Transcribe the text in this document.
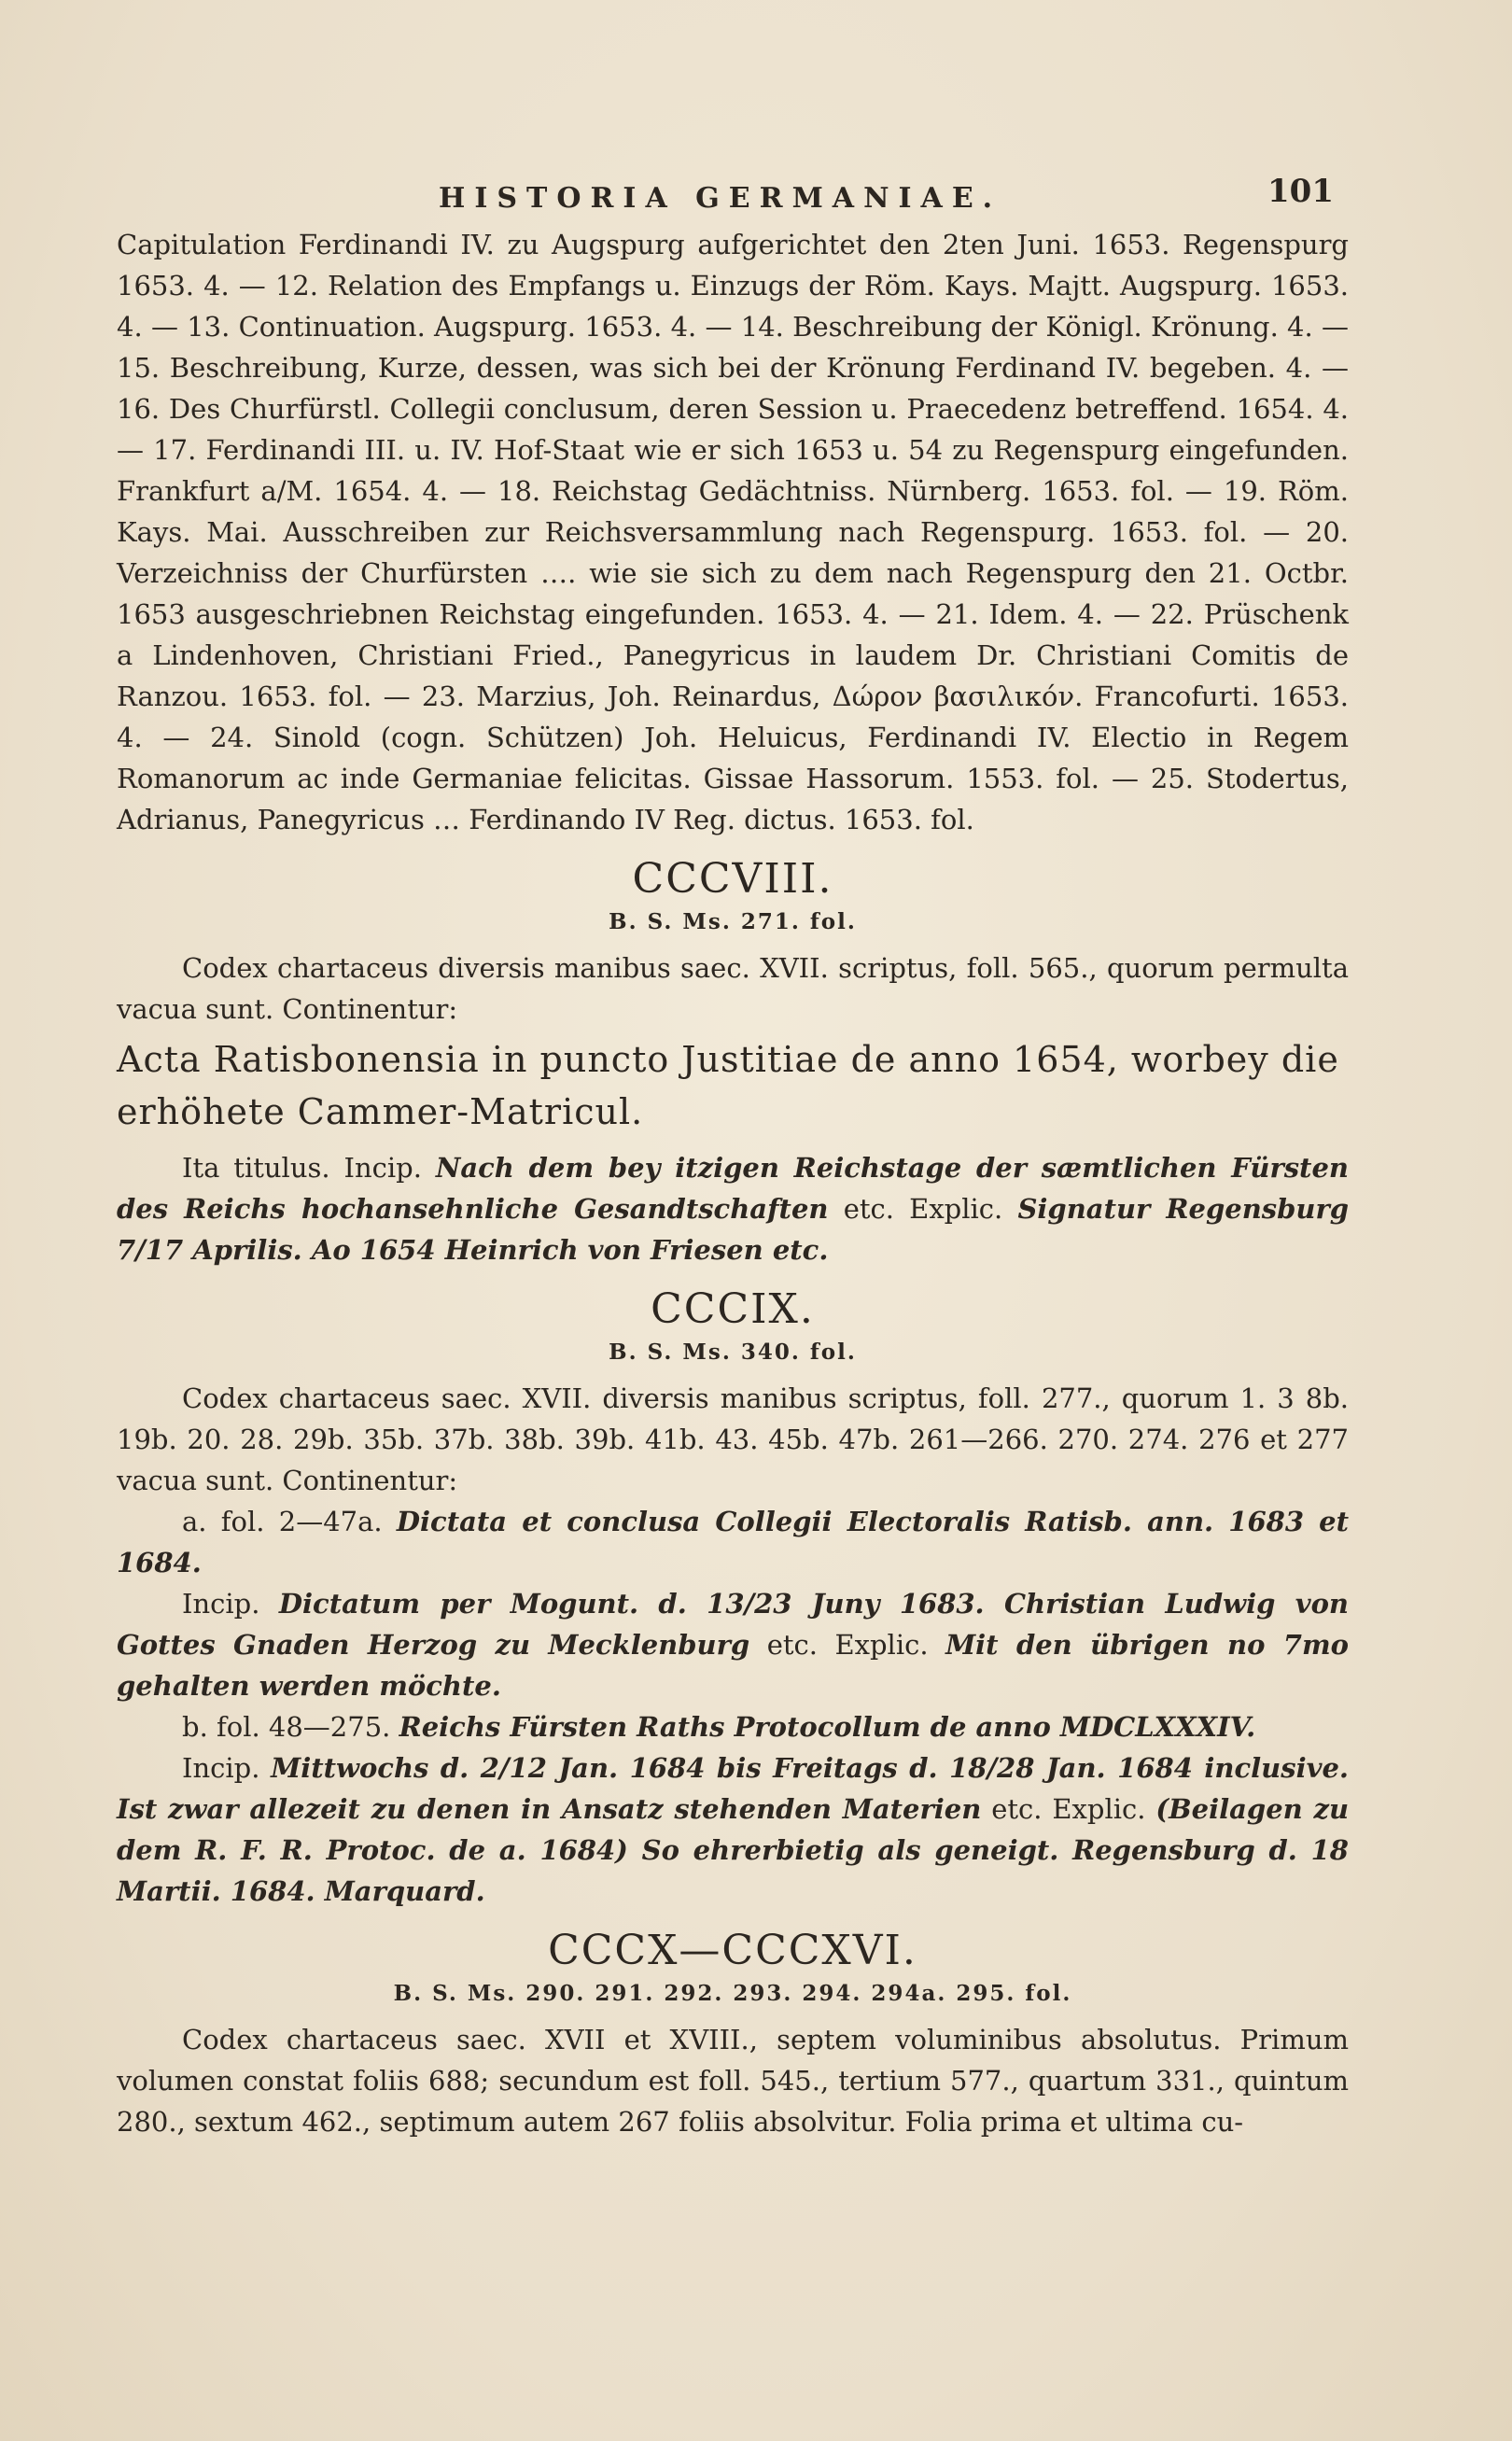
HISTORIA GERMANIAE.	101

Capitulation Ferdinandi IV. zu Augspurg aufgerichtet den 2ten Juni. 1653. Regenspurg 1653. 4. — 12. Relation des Empfangs u. Einzugs der Röm. Kays. Majtt. Augspurg. 1653. 4. — 13. Continuation. Augspurg. 1653. 4. — 14. Beschreibung der Königl. Krönung. 4. — 15. Beschreibung, Kurze, dessen, was sich bei der Krönung Ferdinand IV. begeben. 4. — 16. Des Churfürstl. Collegii conclusum, deren Session u. Praecedenz betreffend. 1654. 4. — 17. Ferdinandi III. u. IV. Hof-Staat wie er sich 1653 u. 54 zu Regenspurg eingefunden. Frankfurt a/M. 1654. 4. — 18. Reichstag Gedächtniss. Nürnberg. 1653. fol. — 19. Röm. Kays. Mai. Ausschreiben zur Reichsversammlung nach Regenspurg. 1653. fol. — 20. Verzeichniss der Churfürsten …. wie sie sich zu dem nach Regenspurg den 21. Octbr. 1653 ausgeschriebnen Reichstag eingefunden. 1653. 4. — 21. Idem. 4. — 22. Prüschenk a Lindenhoven, Christiani Fried., Panegyricus in laudem Dr. Christiani Comitis de Ranzou. 1653. fol. — 23. Marzius, Joh. Reinardus, Δώρον βασιλικόν. Francofurti. 1653. 4. — 24. Sinold (cogn. Schützen) Joh. Heluicus, Ferdinandi IV. Electio in Regem Romanorum ac inde Germaniae felicitas. Gissae Hassorum. 1553. fol. — 25. Stodertus, Adrianus, Panegyricus … Ferdinando IV Reg. dictus. 1653. fol.

CCCVIII.
B. S. Ms. 271. fol.

Codex chartaceus diversis manibus saec. XVII. scriptus, foll. 565., quorum permulta vacua sunt. Continentur:

Acta Ratisbonensia in puncto Justitiae de anno 1654, worbey die erhöhete Cammer-Matricul.

Ita titulus. Incip. Nach dem bey itzigen Reichstage der sæmtlichen Fürsten des Reichs hochansehnliche Gesandtschaften etc. Explic. Signatur Regensburg 7/17 Aprilis. Ao 1654 Heinrich von Friesen etc.

CCCIX.
B. S. Ms. 340. fol.

Codex chartaceus saec. XVII. diversis manibus scriptus, foll. 277., quorum 1. 3 8b. 19b. 20. 28. 29b. 35b. 37b. 38b. 39b. 41b. 43. 45b. 47b. 261—266. 270. 274. 276 et 277 vacua sunt. Continentur:

a. fol. 2—47a. Dictata et conclusa Collegii Electoralis Ratisb. ann. 1683 et 1684.

Incip. Dictatum per Mogunt. d. 13/23 Juny 1683. Christian Ludwig von Gottes Gnaden Herzog zu Mecklenburg etc. Explic. Mit den übrigen no 7mo gehalten werden möchte.

b. fol. 48—275. Reichs Fürsten Raths Protocollum de anno MDCLXXXIV.

Incip. Mittwochs d. 2/12 Jan. 1684 bis Freitags d. 18/28 Jan. 1684 inclusive. Ist zwar allezeit zu denen in Ansatz stehenden Materien etc. Explic. (Beilagen zu dem R. F. R. Protoc. de a. 1684) So ehrerbietig als geneigt. Regensburg d. 18 Martii. 1684. Marquard.

CCCX—CCCXVI.
B. S. Ms. 290. 291. 292. 293. 294. 294a. 295. fol.

Codex chartaceus saec. XVII et XVIII., septem voluminibus absolutus. Primum volumen constat foliis 688; secundum est foll. 545., tertium 577., quartum 331., quintum 280., sextum 462., septimum autem 267 foliis absolvitur. Folia prima et ultima cu-
